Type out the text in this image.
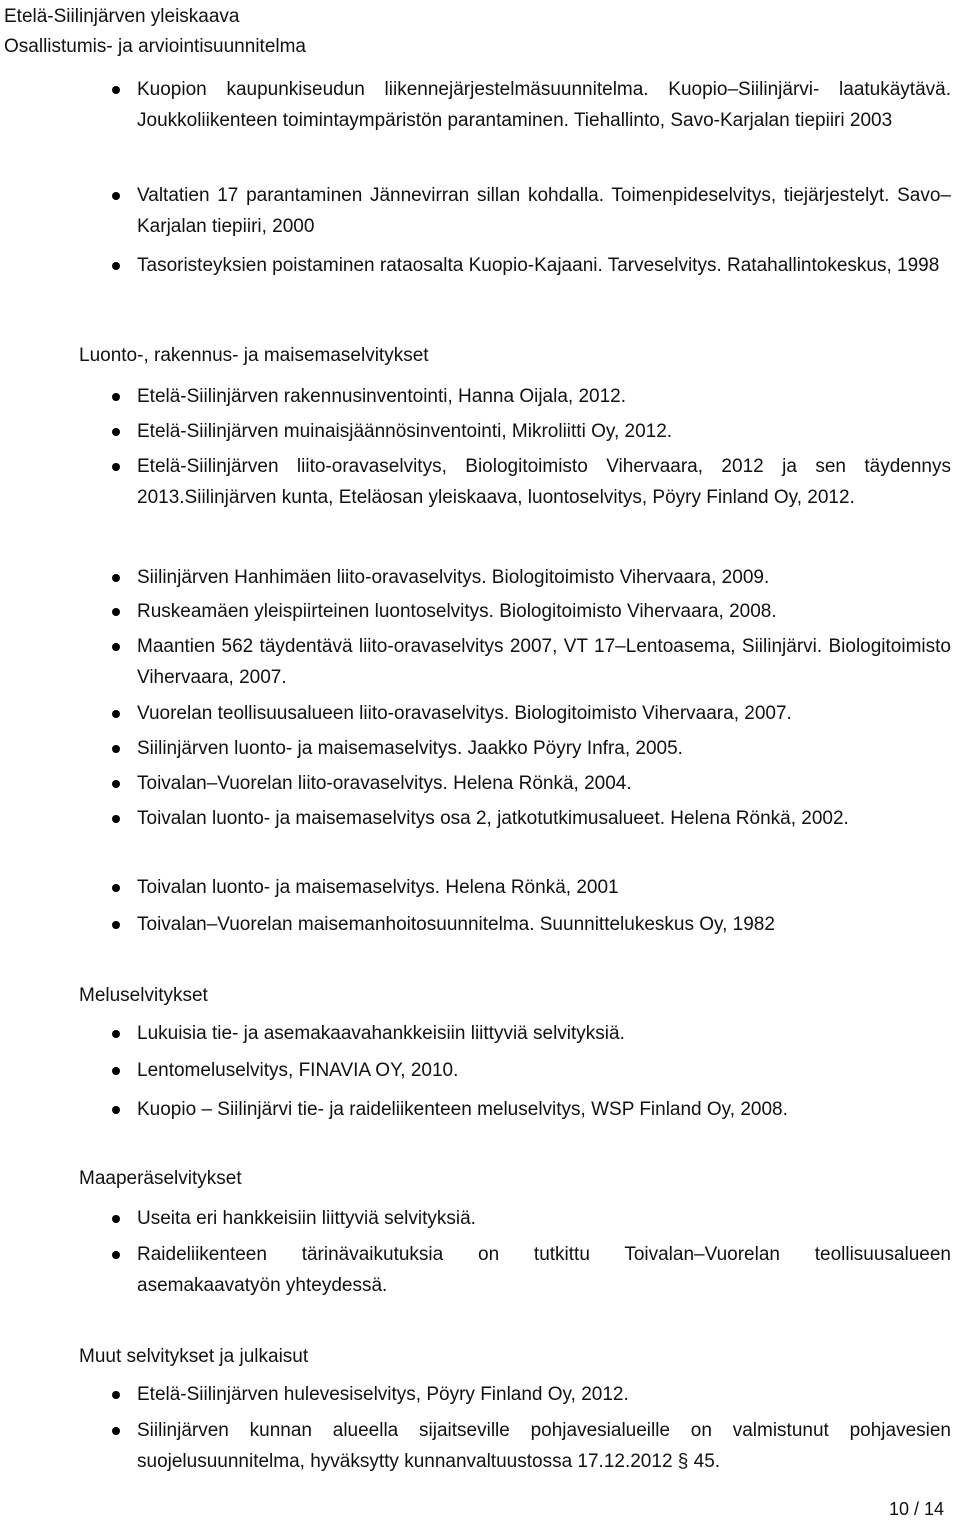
Etelä-Siilinjärven yleiskaava
Osallistumis- ja arviointisuunnitelma
Kuopion kaupunkiseudun liikennejärjestelmäsuunnitelma. Kuopio–Siilinjärvi- laatukäytävä. Joukkoliikenteen toimintaympäristön parantaminen. Tiehallinto, Savo-Karjalan tiepiiri 2003
Valtatien 17 parantaminen Jännevirran sillan kohdalla. Toimenpideselvitys, tiejärjestelyt. Savo–Karjalan tiepiiri, 2000
Tasoristeyksien poistaminen rataosalta Kuopio-Kajaani. Tarveselvitys. Ratahallintokeskus, 1998
Luonto-, rakennus- ja maisemaselvitykset
Etelä-Siilinjärven rakennusinventointi, Hanna Oijala, 2012.
Etelä-Siilinjärven muinaisjäännösinventointi, Mikroliitti Oy, 2012.
Etelä-Siilinjärven liito-oravaselvitys, Biologitoimisto Vihervaara, 2012 ja sen täydennys 2013.Siilinjärven kunta, Eteläosan yleiskaava, luontoselvitys, Pöyry Finland Oy, 2012.
Siilinjärven Hanhimäen liito-oravaselvitys. Biologitoimisto Vihervaara, 2009.
Ruskeamäen yleispiirteinen luontoselvitys. Biologitoimisto Vihervaara, 2008.
Maantien 562 täydentävä liito-oravaselvitys 2007, VT 17–Lentoasema, Siilinjärvi. Biologitoimisto Vihervaara, 2007.
Vuorelan teollisuusalueen liito-oravaselvitys. Biologitoimisto Vihervaara, 2007.
Siilinjärven luonto- ja maisemaselvitys. Jaakko Pöyry Infra, 2005.
Toivalan–Vuorelan liito-oravaselvitys. Helena Rönkä, 2004.
Toivalan luonto- ja maisemaselvitys osa 2, jatkotutkimusalueet. Helena Rönkä, 2002.
Toivalan luonto- ja maisemaselvitys. Helena Rönkä, 2001
Toivalan–Vuorelan maisemanhoitosuunnitelma. Suunnittelukeskus Oy, 1982
Meluselvitykset
Lukuisia tie- ja asemakaavahankkeisiin liittyviä selvityksiä.
Lentomeluselvitys, FINAVIA OY, 2010.
Kuopio – Siilinjärvi tie- ja raideliikenteen meluselvitys, WSP Finland Oy, 2008.
Maaperäselvitykset
Useita eri hankkeisiin liittyviä selvityksiä.
Raideliikenteen tärinävaikutuksia on tutkittu Toivalan–Vuorelan teollisuusalueen asemakaavatyön yhteydessä.
Muut selvitykset ja julkaisut
Etelä-Siilinjärven hulevesiselvitys, Pöyry Finland Oy, 2012.
Siilinjärven kunnan alueella sijaitseville pohjavesialueille on valmistunut pohjavesien suojelusuunnitelma, hyväksytty kunnanvaltuustossa 17.12.2012 § 45.
10 / 14
